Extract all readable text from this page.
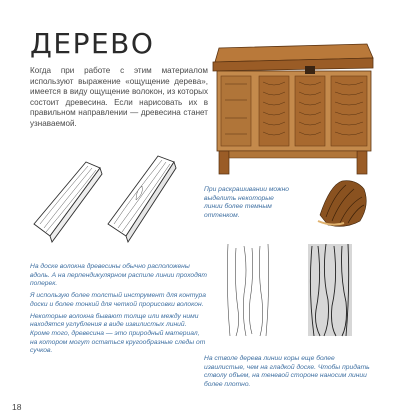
ДЕРЕВО
Когда при работе с этим материалом используют выражение «ощущение дерева», имеется в виду ощущение волокон, из которых состоит древесина. Если нарисовать их в правильном направлении — древесина станет узнаваемой.
При раскрашивании можно выделить некоторые линии более темным оттенком.

На доске волокна древесины обычно расположены вдоль. А на перпендикулярном распиле линии проходят поперек.

Я использую более толстый инструмент для контура доски и более тонкий для четкой прорисовки волокон.

Некоторые волокна бывают толще или между ними находятся углубления в виде извилистых линий. Кроме того, древесина — это природный материал, на котором могут остаться кругообразные следы от сучков.

На стволе дерева линии коры еще более извилистые, чем на гладкой доске. Чтобы придать стволу объем, на теневой стороне наносим линии более плотно.
18
